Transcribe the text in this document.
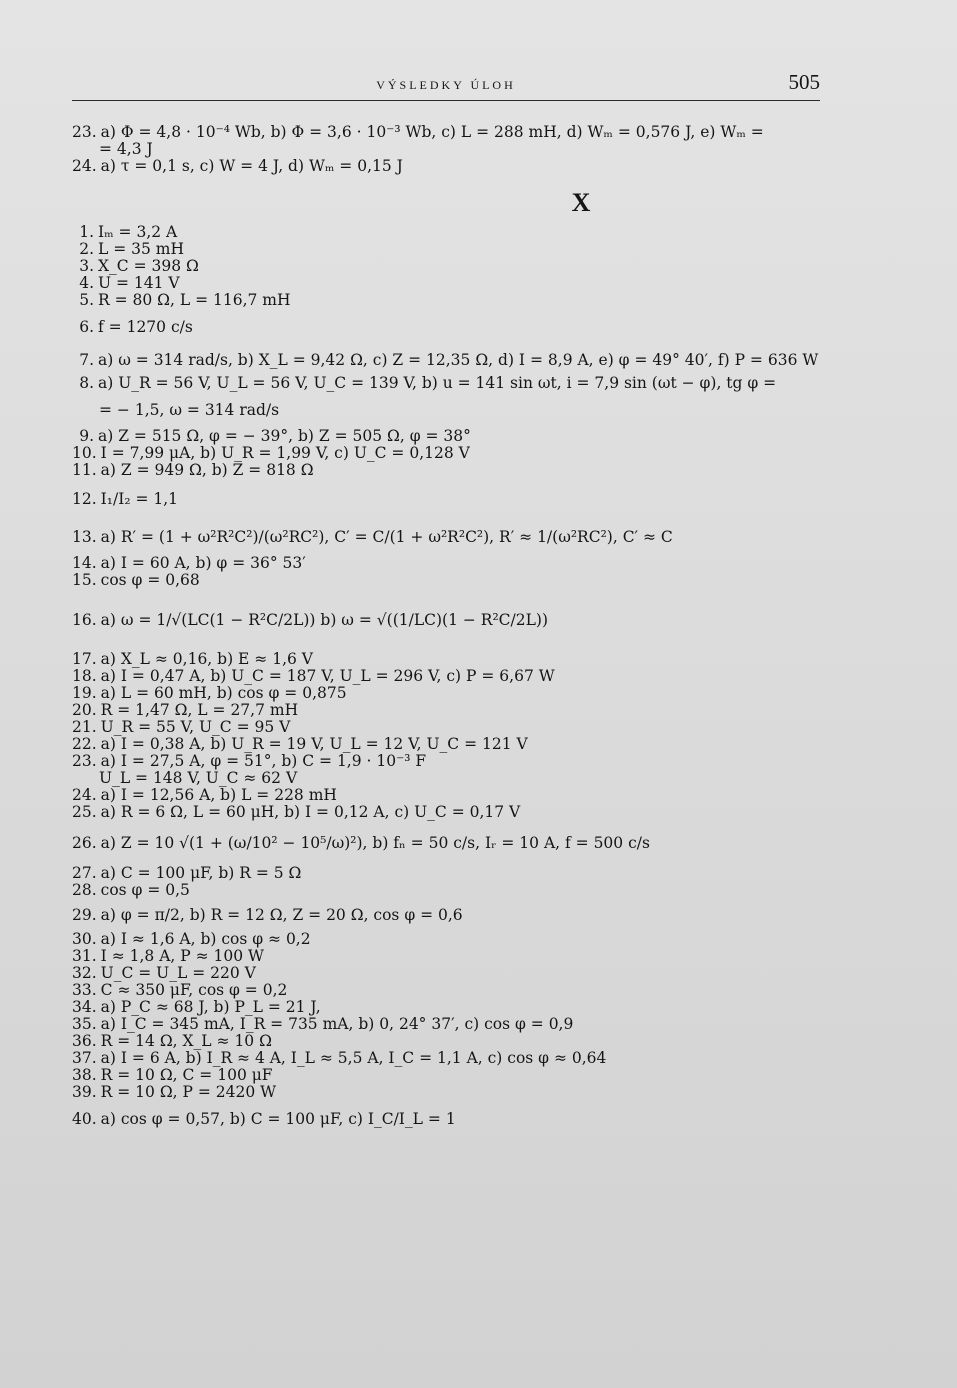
VÝSLEDKY ÚLOH	505
23. a) Φ = 4,8 · 10⁻⁴ Wb, b) Φ = 3,6 · 10⁻³ Wb, c) L = 288 mH, d) Wₘ = 0,576 J, e) Wₘ =
= 4,3 J
24. a) τ = 0,1 s, c) W = 4 J, d) Wₘ = 0,15 J
X
1. Iₘ = 3,2 A
2. L = 35 mH
3. X_C = 398 Ω
4. U = 141 V
5. R = 80 Ω, L = 116,7 mH
6. f = 1270 c/s
7. a) ω = 314 rad/s, b) X_L = 9,42 Ω, c) Z = 12,35 Ω, d) I = 8,9 A, e) φ = 49° 40′, f) P = 636 W
8. a) U_R = 56 V, U_L = 56 V, U_C = 139 V, b) u = 141 sin ωt, i = 7,9 sin (ωt − φ), tg φ =
= − 1,5, ω = 314 rad/s
9. a) Z = 515 Ω, φ = − 39°, b) Z = 505 Ω, φ = 38°
10. I = 7,99 μA, b) U_R = 1,99 V, c) U_C = 0,128 V
11. a) Z = 949 Ω, b) Z = 818 Ω
12. I₁/I₂ = 1,1
13. a) R′ = (1 + ω²R²C²)/(ω²RC²), C′ = C/(1 + ω²R²C²), R′ ≈ 1/(ω²RC²), C′ ≈ C
14. a) I = 60 A, b) φ = 36° 53′
15. cos φ = 0,68
16. a) ω = 1/√(LC(1 − R²C/2L)) b) ω = √((1/LC)(1 − R²C/2L))
17. a) X_L ≈ 0,16, b) E ≈ 1,6 V
18. a) I = 0,47 A, b) U_C = 187 V, U_L = 296 V, c) P = 6,67 W
19. a) L = 60 mH, b) cos φ = 0,875
20. R = 1,47 Ω, L = 27,7 mH
21. U_R = 55 V, U_C = 95 V
22. a) I = 0,38 A, b) U_R = 19 V, U_L = 12 V, U_C = 121 V
23. a) I = 27,5 A, φ = 51°, b) C = 1,9 · 10⁻³ F
U_L = 148 V, U_C ≈ 62 V
24. a) I = 12,56 A, b) L = 228 mH
25. a) R = 6 Ω, L = 60 μH, b) I = 0,12 A, c) U_C = 0,17 V
26. a) Z = 10 √(1 + (ω/10² − 10⁵/ω)²), b) fₙ = 50 c/s, Iᵣ = 10 A, f = 500 c/s
27. a) C = 100 μF, b) R = 5 Ω
28. cos φ = 0,5
29. a) φ = π/2, b) R = 12 Ω, Z = 20 Ω, cos φ = 0,6
30. a) I ≈ 1,6 A, b) cos φ ≈ 0,2
31. I ≈ 1,8 A, P ≈ 100 W
32. U_C = U_L = 220 V
33. C ≈ 350 μF, cos φ = 0,2
34. a) P_C ≈ 68 J, b) P_L = 21 J,
35. a) I_C = 345 mA, I_R = 735 mA, b) 0, 24° 37′, c) cos φ = 0,9
36. R = 14 Ω, X_L ≈ 10 Ω
37. a) I = 6 A, b) I_R ≈ 4 A, I_L ≈ 5,5 A, I_C = 1,1 A, c) cos φ ≈ 0,64
38. R = 10 Ω, C = 100 μF
39. R = 10 Ω, P = 2420 W
40. a) cos φ = 0,57, b) C = 100 μF, c) I_C/I_L = 1
